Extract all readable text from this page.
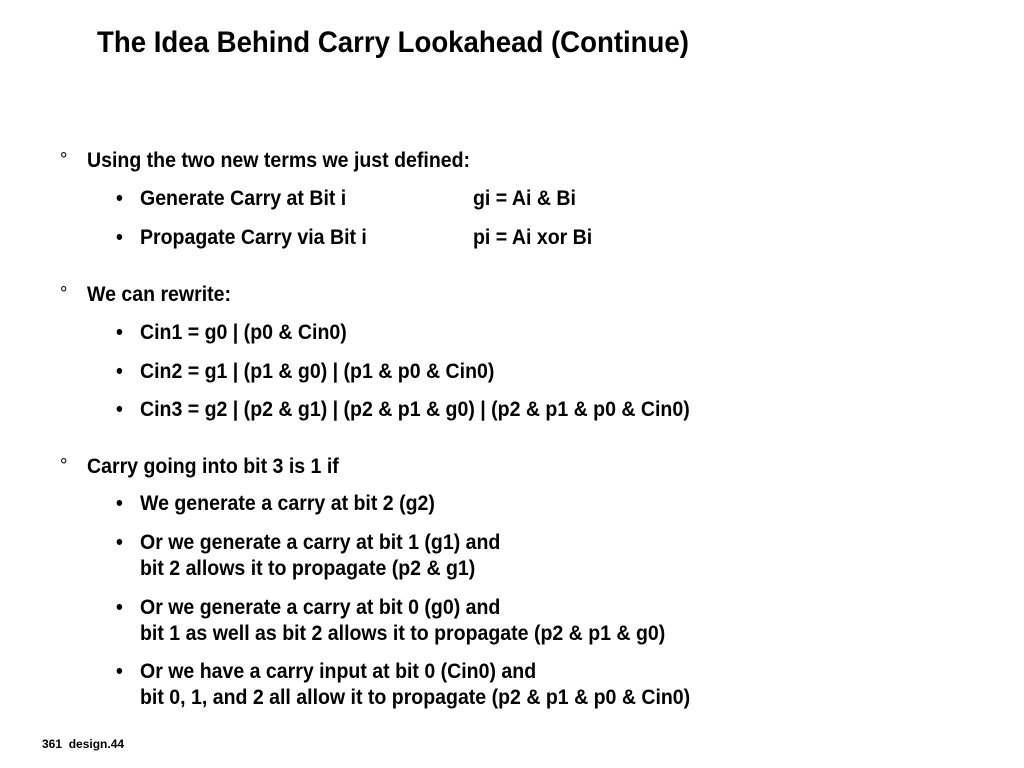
The Idea Behind Carry Lookahead (Continue)
° Using the two new terms we just defined:
• Generate Carry at Bit i	gi = Ai & Bi
• Propagate Carry via Bit i	pi = Ai xor Bi
° We can rewrite:
• Cin1 = g0 | (p0 & Cin0)
• Cin2 = g1 | (p1 & g0) | (p1 & p0 & Cin0)
• Cin3 = g2 | (p2 & g1) | (p2 & p1 & g0) | (p2 & p1 & p0 & Cin0)
° Carry going into bit 3 is 1 if
• We generate a carry at bit 2 (g2)
• Or we generate a carry at bit 1 (g1) and
bit 2 allows it to propagate (p2 & g1)
• Or we generate a carry at bit 0 (g0) and
bit 1 as well as bit 2 allows it to propagate (p2 & p1 & g0)
• Or we have a carry input at bit 0 (Cin0) and
bit 0, 1, and 2 all allow it to propagate (p2 & p1 & p0 & Cin0)
361  design.44
